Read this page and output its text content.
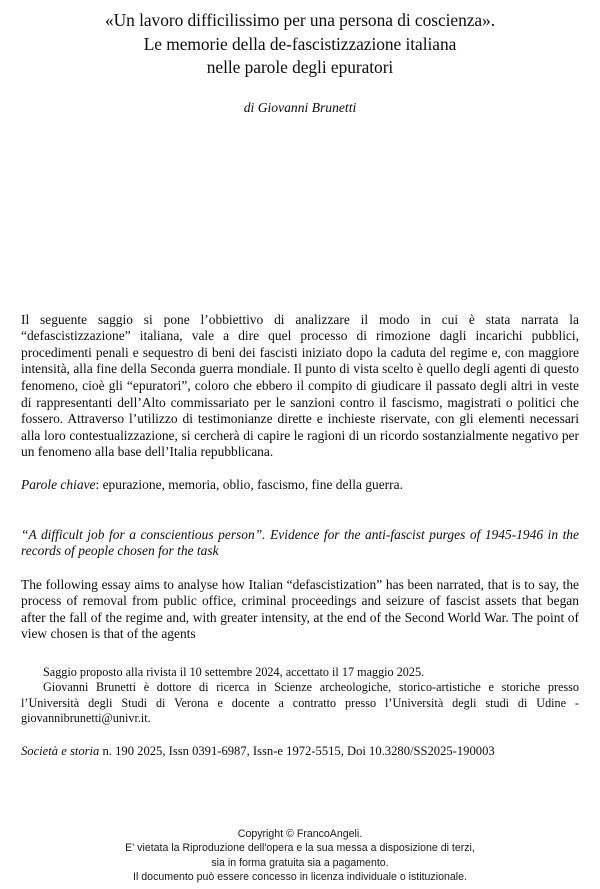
«Un lavoro difficilissimo per una persona di coscienza».
Le memorie della de-fascistizzazione italiana
nelle parole degli epuratori
di Giovanni Brunetti
Il seguente saggio si pone l’obbiettivo di analizzare il modo in cui è stata narrata la “defascistizzazione” italiana, vale a dire quel processo di rimozione dagli incarichi pubblici, procedimenti penali e sequestro di beni dei fascisti iniziato dopo la caduta del regime e, con maggiore intensità, alla fine della Seconda guerra mondiale. Il punto di vista scelto è quello degli agenti di questo fenomeno, cioè gli “epuratori”, coloro che ebbero il compito di giudicare il passato degli altri in veste di rappresentanti dell’Alto commissariato per le sanzioni contro il fascismo, magistrati o politici che fossero. Attraverso l’utilizzo di testimonianze dirette e inchieste riservate, con gli elementi necessari alla loro contestualizzazione, si cercherà di capire le ragioni di un ricordo sostanzialmente negativo per un fenomeno alla base dell’Italia repubblicana.
Parole chiave: epurazione, memoria, oblio, fascismo, fine della guerra.
“A difficult job for a conscientious person”. Evidence for the anti-fascist purges of 1945-1946 in the records of people chosen for the task
The following essay aims to analyse how Italian “defascistization” has been narrated, that is to say, the process of removal from public office, criminal proceedings and seizure of fascist assets that began after the fall of the regime and, with greater intensity, at the end of the Second World War. The point of view chosen is that of the agents

Saggio proposto alla rivista il 10 settembre 2024, accettato il 17 maggio 2025.

Giovanni Brunetti è dottore di ricerca in Scienze archeologiche, storico-artistiche e storiche presso l’Università degli Studi di Verona e docente a contratto presso l’Università degli studi di Udine - giovannibrunetti@univr.it.

Società e storia n. 190 2025, Issn 0391-6987, Issn-e 1972-5515, Doi 10.3280/SS2025-190003
Copyright © FrancoAngeli.
E' vietata la Riproduzione dell'opera e la sua messa a disposizione di terzi,
sia in forma gratuita sia a pagamento.
Il documento può essere concesso in licenza individuale o istituzionale.
